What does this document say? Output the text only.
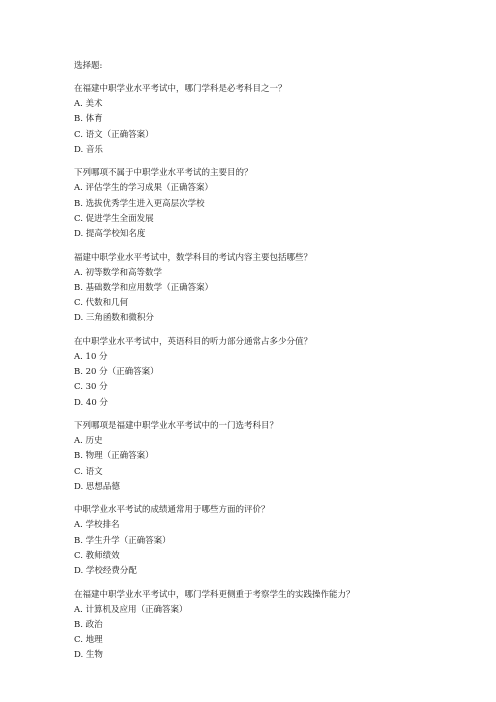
选择题:
在福建中职学业水平考试中，哪门学科是必考科目之一？
A. 美术
B. 体育
C. 语文（正确答案）
D. 音乐
下列哪项不属于中职学业水平考试的主要目的？
A. 评估学生的学习成果（正确答案）
B. 选拔优秀学生进入更高层次学校
C. 促进学生全面发展
D. 提高学校知名度
福建中职学业水平考试中，数学科目的考试内容主要包括哪些？
A. 初等数学和高等数学
B. 基础数学和应用数学（正确答案）
C. 代数和几何
D. 三角函数和微积分
在中职学业水平考试中，英语科目的听力部分通常占多少分值？
A. 10 分
B. 20 分（正确答案）
C. 30 分
D. 40 分
下列哪项是福建中职学业水平考试中的一门选考科目？
A. 历史
B. 物理（正确答案）
C. 语文
D. 思想品德
中职学业水平考试的成绩通常用于哪些方面的评价？
A. 学校排名
B. 学生升学（正确答案）
C. 教师绩效
D. 学校经费分配
在福建中职学业水平考试中，哪门学科更侧重于考察学生的实践操作能力？
A. 计算机及应用（正确答案）
B. 政治
C. 地理
D. 生物
